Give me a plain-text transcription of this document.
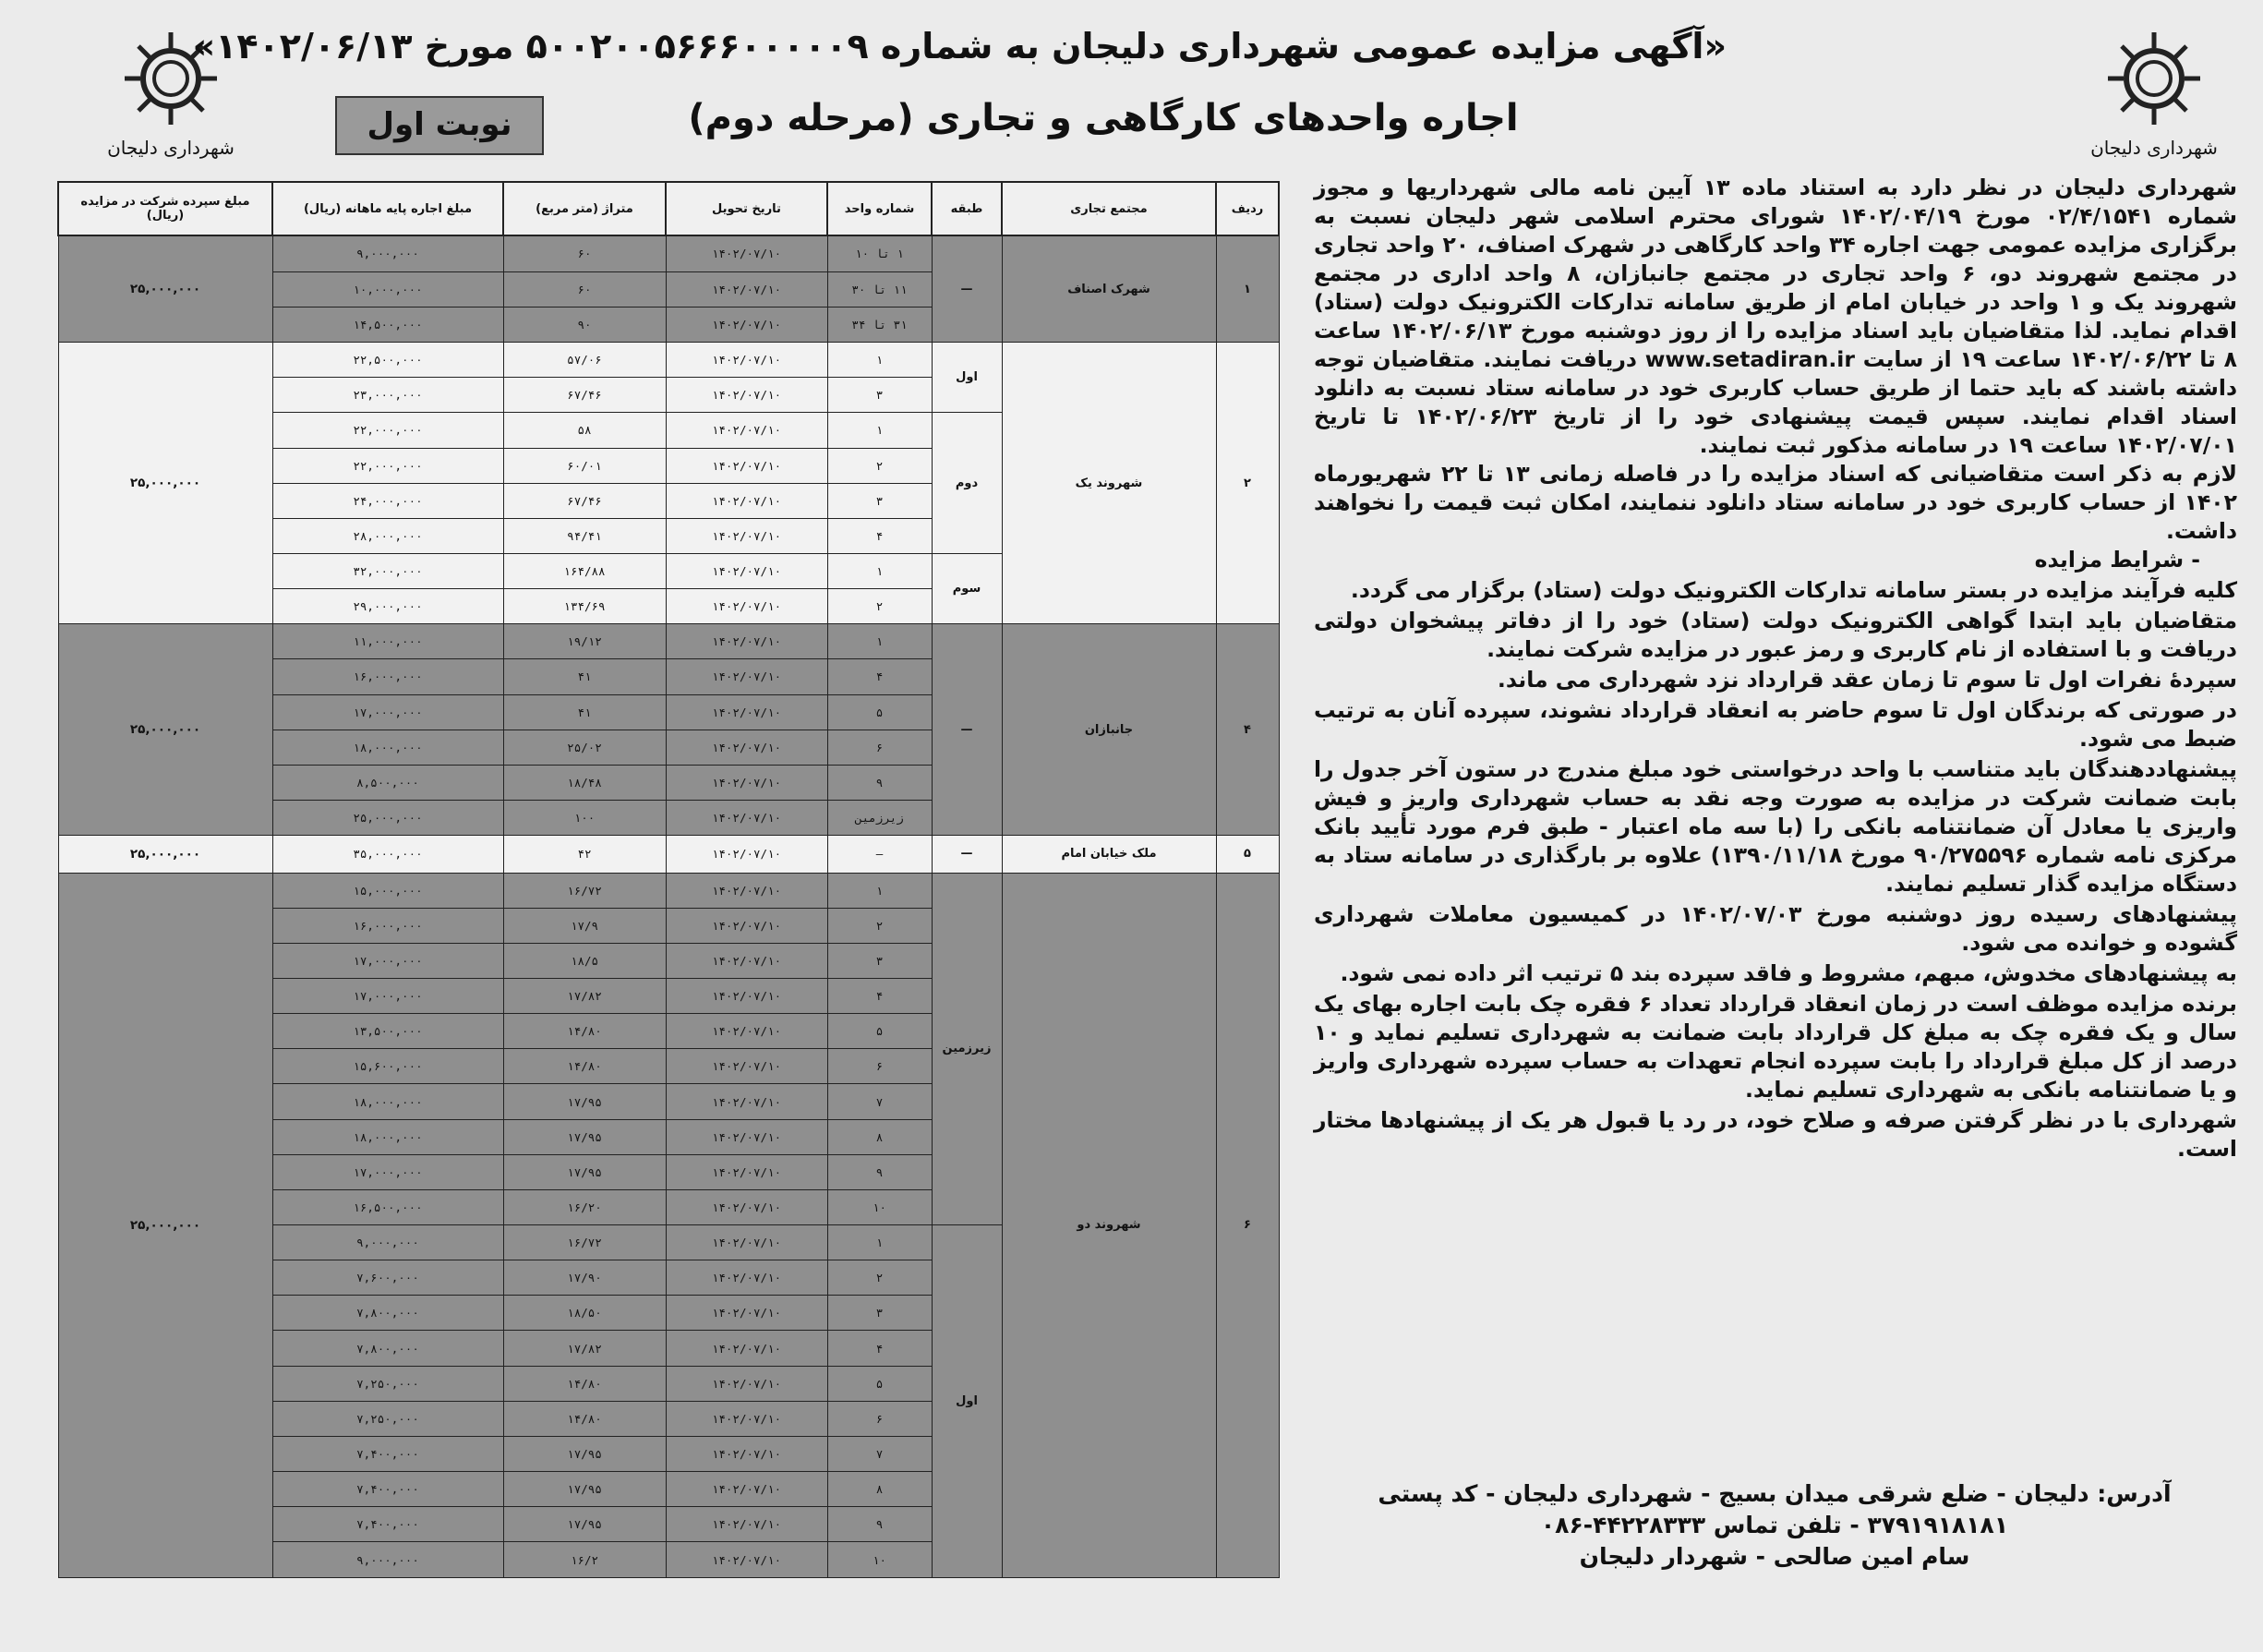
شهرداری دلیجان
شهرداری دلیجان
«آگهی مزایده عمومی شهرداری دلیجان به شماره ۵۰۰۲۰۰۵۶۶۶۰۰۰۰۰۹ مورخ ۱۴۰۲/۰۶/۱۳»
اجاره واحدهای کارگاهی و تجاری (مرحله دوم)
نوبت اول

شهرداری دلیجان در نظر دارد به استناد ماده ۱۳ آیین نامه مالی شهرداریها و مجوز شماره ۰۲/۴/۱۵۴۱ مورخ ۱۴۰۲/۰۴/۱۹ شورای محترم اسلامی شهر دلیجان نسبت به برگزاری مزایده عمومی جهت اجاره ۳۴ واحد کارگاهی در شهرک اصناف، ۲۰ واحد تجاری در مجتمع شهروند دو، ۶ واحد تجاری در مجتمع جانبازان، ۸ واحد اداری در مجتمع شهروند یک و ۱ واحد در خیابان امام از طریق سامانه تدارکات الکترونیک دولت (ستاد) اقدام نماید. لذا متقاضیان باید اسناد مزایده را از روز دوشنبه مورخ ۱۴۰۲/۰۶/۱۳ ساعت ۸ تا ۱۴۰۲/۰۶/۲۲ ساعت ۱۹ از سایت www.setadiran.ir دریافت نمایند. متقاضیان توجه داشته باشند که باید حتما از طریق حساب کاربری خود در سامانه ستاد نسبت به دانلود اسناد اقدام نمایند. سپس قیمت پیشنهادی خود را از تاریخ ۱۴۰۲/۰۶/۲۳ تا تاریخ ۱۴۰۲/۰۷/۰۱ ساعت ۱۹ در سامانه مذکور ثبت نمایند.

لازم به ذکر است متقاضیانی که اسناد مزایده را در فاصله زمانی ۱۳ تا ۲۲ شهریورماه ۱۴۰۲ از حساب کاربری خود در سامانه ستاد دانلود ننمایند، امکان ثبت قیمت را نخواهند داشت.

- شرایط مزایده

کلیه فرآیند مزایده در بستر سامانه تدارکات الکترونیک دولت (ستاد) برگزار می گردد.

متقاضیان باید ابتدا گواهی الکترونیک دولت (ستاد) خود را از دفاتر پیشخوان دولتی دریافت و با استفاده از نام کاربری و رمز عبور در مزایده شرکت نمایند.

سپردهٔ نفرات اول تا سوم تا زمان عقد قرارداد نزد شهرداری می ماند.

در صورتی که برندگان اول تا سوم حاضر به انعقاد قرارداد نشوند، سپرده آنان به ترتیب ضبط می شود.

پیشنهاددهندگان باید متناسب با واحد درخواستی خود مبلغ مندرج در ستون آخر جدول را بابت ضمانت شرکت در مزایده به صورت وجه نقد به حساب شهرداری واریز و فیش واریزی یا معادل آن ضمانتنامه بانکی را (با سه ماه اعتبار - طبق فرم مورد تأیید بانک مرکزی نامه شماره ۹۰/۲۷۵۵۹۶ مورخ ۱۳۹۰/۱۱/۱۸) علاوه بر بارگذاری در سامانه ستاد به دستگاه مزایده گذار تسلیم نمایند.

پیشنهادهای رسیده روز دوشنبه مورخ ۱۴۰۲/۰۷/۰۳ در کمیسیون معاملات شهرداری گشوده و خوانده می شود.

به پیشنهادهای مخدوش، مبهم، مشروط و فاقد سپرده بند ۵ ترتیب اثر داده نمی شود.

برنده مزایده موظف است در زمان انعقاد قرارداد تعداد ۶ فقره چک بابت اجاره بهای یک سال و یک فقره چک به مبلغ کل قرارداد بابت ضمانت به شهرداری تسلیم نماید و ۱۰ درصد از کل مبلغ قرارداد را بابت سپرده انجام تعهدات به حساب سپرده شهرداری واریز و یا ضمانتنامه بانکی به شهرداری تسلیم نماید.

شهرداری با در نظر گرفتن صرفه و صلاح خود، در رد یا قبول هر یک از پیشنهادها مختار است.

آدرس: دلیجان - ضلع شرقی میدان بسیج - شهرداری دلیجان - کد پستی ۳۷۹۱۹۱۸۱۸۱ - تلفن تماس ۴۴۲۲۸۳۳۳-۰۸۶
سام امین صالحی - شهردار دلیجان
ردیف	مجتمع تجاری	طبقه	شماره واحد	تاریخ تحویل	متراژ (متر مربع)	مبلغ اجاره پایه ماهانه (ریال)	مبلغ سپرده شرکت در مزایده (ریال)
۱	شهرک اصناف	—	۱ تا ۱۰	۱۴۰۲/۰۷/۱۰	۶۰	۹,۰۰۰,۰۰۰	۲۵,۰۰۰,۰۰۰
			۱۱ تا ۳۰	۱۴۰۲/۰۷/۱۰	۶۰	۱۰,۰۰۰,۰۰۰	
			۳۱ تا ۳۴	۱۴۰۲/۰۷/۱۰	۹۰	۱۴,۵۰۰,۰۰۰	
۲	شهروند یک	اول	۱	۱۴۰۲/۰۷/۱۰	۵۷/۰۶	۲۲,۵۰۰,۰۰۰	۲۵,۰۰۰,۰۰۰
			۳	۱۴۰۲/۰۷/۱۰	۶۷/۴۶	۲۳,۰۰۰,۰۰۰	
		دوم	۱	۱۴۰۲/۰۷/۱۰	۵۸	۲۲,۰۰۰,۰۰۰	
			۲	۱۴۰۲/۰۷/۱۰	۶۰/۰۱	۲۲,۰۰۰,۰۰۰	
			۳	۱۴۰۲/۰۷/۱۰	۶۷/۴۶	۲۴,۰۰۰,۰۰۰	
			۴	۱۴۰۲/۰۷/۱۰	۹۴/۴۱	۲۸,۰۰۰,۰۰۰	
		سوم	۱	۱۴۰۲/۰۷/۱۰	۱۶۴/۸۸	۳۲,۰۰۰,۰۰۰	
			۲	۱۴۰۲/۰۷/۱۰	۱۳۴/۶۹	۲۹,۰۰۰,۰۰۰	
۴	جانبازان	—	۱	۱۴۰۲/۰۷/۱۰	۱۹/۱۲	۱۱,۰۰۰,۰۰۰	۲۵,۰۰۰,۰۰۰
			۴	۱۴۰۲/۰۷/۱۰	۴۱	۱۶,۰۰۰,۰۰۰	
			۵	۱۴۰۲/۰۷/۱۰	۴۱	۱۷,۰۰۰,۰۰۰	
			۶	۱۴۰۲/۰۷/۱۰	۲۵/۰۲	۱۸,۰۰۰,۰۰۰	
			۹	۱۴۰۲/۰۷/۱۰	۱۸/۴۸	۸,۵۰۰,۰۰۰	
			زیرزمین	۱۴۰۲/۰۷/۱۰	۱۰۰	۲۵,۰۰۰,۰۰۰	
۵	ملک خیابان امام	—	—	۱۴۰۲/۰۷/۱۰	۴۲	۳۵,۰۰۰,۰۰۰	۲۵,۰۰۰,۰۰۰
۶	شهروند دو	زیرزمین	۱	۱۴۰۲/۰۷/۱۰	۱۶/۷۲	۱۵,۰۰۰,۰۰۰	۲۵,۰۰۰,۰۰۰
			۲	۱۴۰۲/۰۷/۱۰	۱۷/۹	۱۶,۰۰۰,۰۰۰	
			۳	۱۴۰۲/۰۷/۱۰	۱۸/۵	۱۷,۰۰۰,۰۰۰	
			۴	۱۴۰۲/۰۷/۱۰	۱۷/۸۲	۱۷,۰۰۰,۰۰۰	
			۵	۱۴۰۲/۰۷/۱۰	۱۴/۸۰	۱۳,۵۰۰,۰۰۰	
			۶	۱۴۰۲/۰۷/۱۰	۱۴/۸۰	۱۵,۶۰۰,۰۰۰	
			۷	۱۴۰۲/۰۷/۱۰	۱۷/۹۵	۱۸,۰۰۰,۰۰۰	
			۸	۱۴۰۲/۰۷/۱۰	۱۷/۹۵	۱۸,۰۰۰,۰۰۰	
			۹	۱۴۰۲/۰۷/۱۰	۱۷/۹۵	۱۷,۰۰۰,۰۰۰	
			۱۰	۱۴۰۲/۰۷/۱۰	۱۶/۲۰	۱۶,۵۰۰,۰۰۰	
		اول	۱	۱۴۰۲/۰۷/۱۰	۱۶/۷۲	۹,۰۰۰,۰۰۰	
			۲	۱۴۰۲/۰۷/۱۰	۱۷/۹۰	۷,۶۰۰,۰۰۰	
			۳	۱۴۰۲/۰۷/۱۰	۱۸/۵۰	۷,۸۰۰,۰۰۰	
			۴	۱۴۰۲/۰۷/۱۰	۱۷/۸۲	۷,۸۰۰,۰۰۰	
			۵	۱۴۰۲/۰۷/۱۰	۱۴/۸۰	۷,۲۵۰,۰۰۰	
			۶	۱۴۰۲/۰۷/۱۰	۱۴/۸۰	۷,۲۵۰,۰۰۰	
			۷	۱۴۰۲/۰۷/۱۰	۱۷/۹۵	۷,۴۰۰,۰۰۰	
			۸	۱۴۰۲/۰۷/۱۰	۱۷/۹۵	۷,۴۰۰,۰۰۰	
			۹	۱۴۰۲/۰۷/۱۰	۱۷/۹۵	۷,۴۰۰,۰۰۰	
			۱۰	۱۴۰۲/۰۷/۱۰	۱۶/۲	۹,۰۰۰,۰۰۰	
